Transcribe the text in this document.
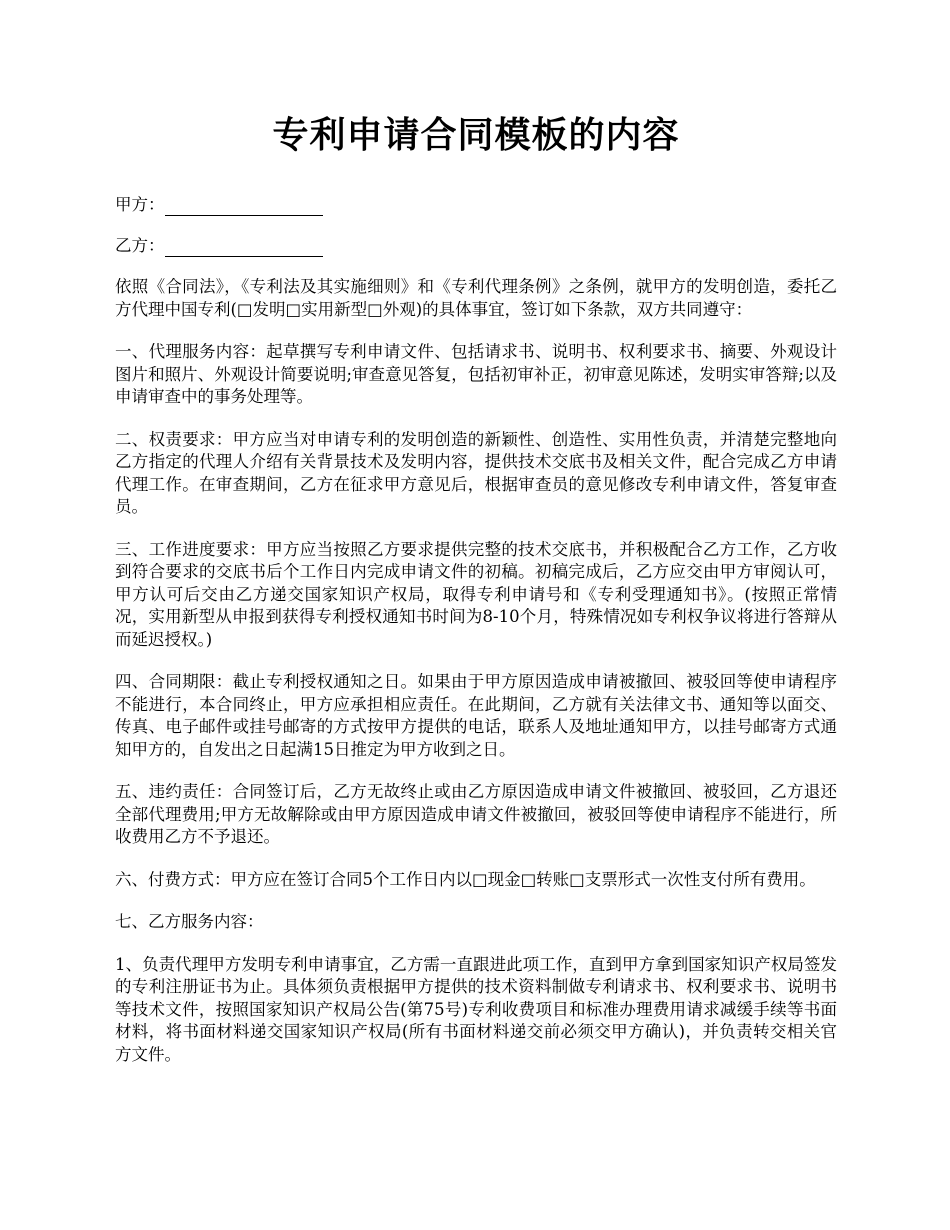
专利申请合同模板的内容
甲方：
乙方：

依照《合同法》，《专利法及其实施细则》和《专利代理条例》之条例，就甲方的发明创造，委托乙方代理中国专利(□发明□实用新型□外观)的具体事宜，签订如下条款，双方共同遵守：

一、代理服务内容：起草撰写专利申请文件、包括请求书、说明书、权利要求书、摘要、外观设计图片和照片、外观设计简要说明;审查意见答复，包括初审补正，初审意见陈述，发明实审答辩;以及申请审查中的事务处理等。

二、权责要求：甲方应当对申请专利的发明创造的新颖性、创造性、实用性负责，并清楚完整地向乙方指定的代理人介绍有关背景技术及发明内容，提供技术交底书及相关文件，配合完成乙方申请代理工作。在审查期间，乙方在征求甲方意见后，根据审查员的意见修改专利申请文件，答复审查员。

三、工作进度要求：甲方应当按照乙方要求提供完整的技术交底书，并积极配合乙方工作，乙方收到符合要求的交底书后个工作日内完成申请文件的初稿。初稿完成后，乙方应交由甲方审阅认可，甲方认可后交由乙方递交国家知识产权局，取得专利申请号和《专利受理通知书》。(按照正常情况，实用新型从申报到获得专利授权通知书时间为8-10个月，特殊情况如专利权争议将进行答辩从而延迟授权。)

四、合同期限：截止专利授权通知之日。如果由于甲方原因造成申请被撤回、被驳回等使申请程序不能进行，本合同终止，甲方应承担相应责任。在此期间，乙方就有关法律文书、通知等以面交、传真、电子邮件或挂号邮寄的方式按甲方提供的电话，联系人及地址通知甲方，以挂号邮寄方式通知甲方的，自发出之日起满15日推定为甲方收到之日。

五、违约责任：合同签订后，乙方无故终止或由乙方原因造成申请文件被撤回、被驳回，乙方退还全部代理费用;甲方无故解除或由甲方原因造成申请文件被撤回，被驳回等使申请程序不能进行，所收费用乙方不予退还。

六、付费方式：甲方应在签订合同5个工作日内以□现金□转账□支票形式一次性支付所有费用。

七、乙方服务内容：

1、负责代理甲方发明专利申请事宜，乙方需一直跟进此项工作，直到甲方拿到国家知识产权局签发的专利注册证书为止。具体须负责根据甲方提供的技术资料制做专利请求书、权利要求书、说明书等技术文件，按照国家知识产权局公告(第75号)专利收费项目和标准办理费用请求减缓手续等书面材料，将书面材料递交国家知识产权局(所有书面材料递交前必须交甲方确认)，并负责转交相关官方文件。
